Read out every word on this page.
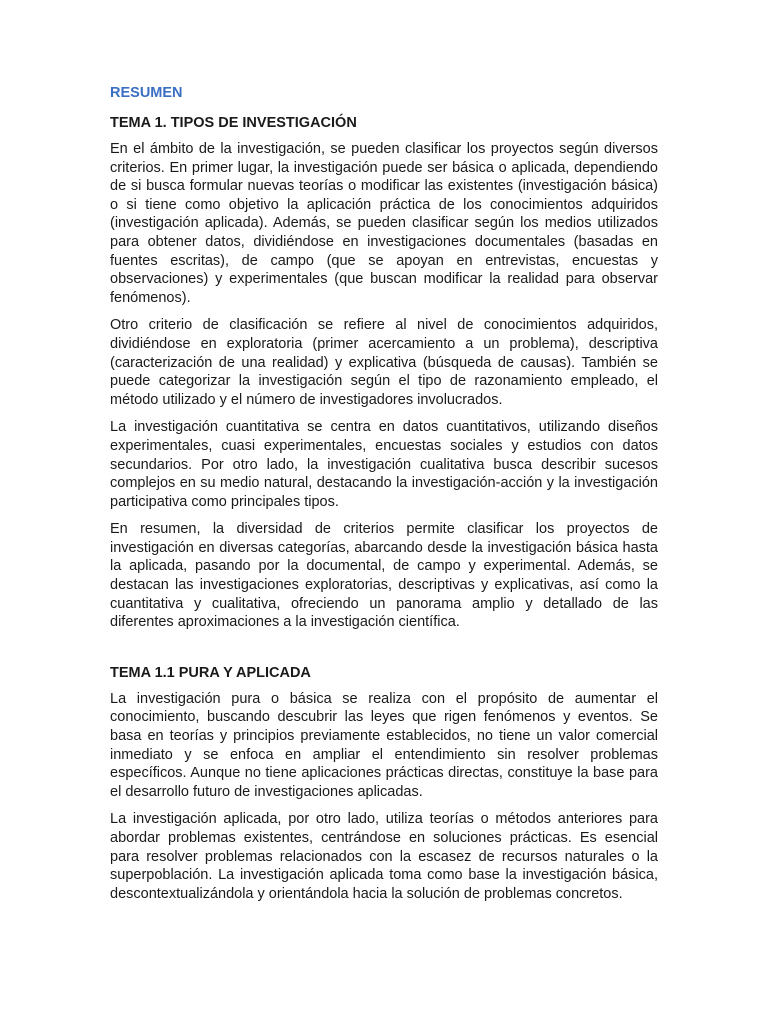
RESUMEN
TEMA 1. TIPOS DE INVESTIGACIÓN

En el ámbito de la investigación, se pueden clasificar los proyectos según diversos criterios. En primer lugar, la investigación puede ser básica o aplicada, dependiendo de si busca formular nuevas teorías o modificar las existentes (investigación básica) o si tiene como objetivo la aplicación práctica de los conocimientos adquiridos (investigación aplicada). Además, se pueden clasificar según los medios utilizados para obtener datos, dividiéndose en investigaciones documentales (basadas en fuentes escritas), de campo (que se apoyan en entrevistas, encuestas y observaciones) y experimentales (que buscan modificar la realidad para observar fenómenos).

Otro criterio de clasificación se refiere al nivel de conocimientos adquiridos, dividiéndose en exploratoria (primer acercamiento a un problema), descriptiva (caracterización de una realidad) y explicativa (búsqueda de causas). También se puede categorizar la investigación según el tipo de razonamiento empleado, el método utilizado y el número de investigadores involucrados.

La investigación cuantitativa se centra en datos cuantitativos, utilizando diseños experimentales, cuasi experimentales, encuestas sociales y estudios con datos secundarios. Por otro lado, la investigación cualitativa busca describir sucesos complejos en su medio natural, destacando la investigación-acción y la investigación participativa como principales tipos.

En resumen, la diversidad de criterios permite clasificar los proyectos de investigación en diversas categorías, abarcando desde la investigación básica hasta la aplicada, pasando por la documental, de campo y experimental. Además, se destacan las investigaciones exploratorias, descriptivas y explicativas, así como la cuantitativa y cualitativa, ofreciendo un panorama amplio y detallado de las diferentes aproximaciones a la investigación científica.

TEMA 1.1 PURA Y APLICADA

La investigación pura o básica se realiza con el propósito de aumentar el conocimiento, buscando descubrir las leyes que rigen fenómenos y eventos. Se basa en teorías y principios previamente establecidos, no tiene un valor comercial inmediato y se enfoca en ampliar el entendimiento sin resolver problemas específicos. Aunque no tiene aplicaciones prácticas directas, constituye la base para el desarrollo futuro de investigaciones aplicadas.

La investigación aplicada, por otro lado, utiliza teorías o métodos anteriores para abordar problemas existentes, centrándose en soluciones prácticas. Es esencial para resolver problemas relacionados con la escasez de recursos naturales o la superpoblación. La investigación aplicada toma como base la investigación básica, descontextualizándola y orientándola hacia la solución de problemas concretos.
